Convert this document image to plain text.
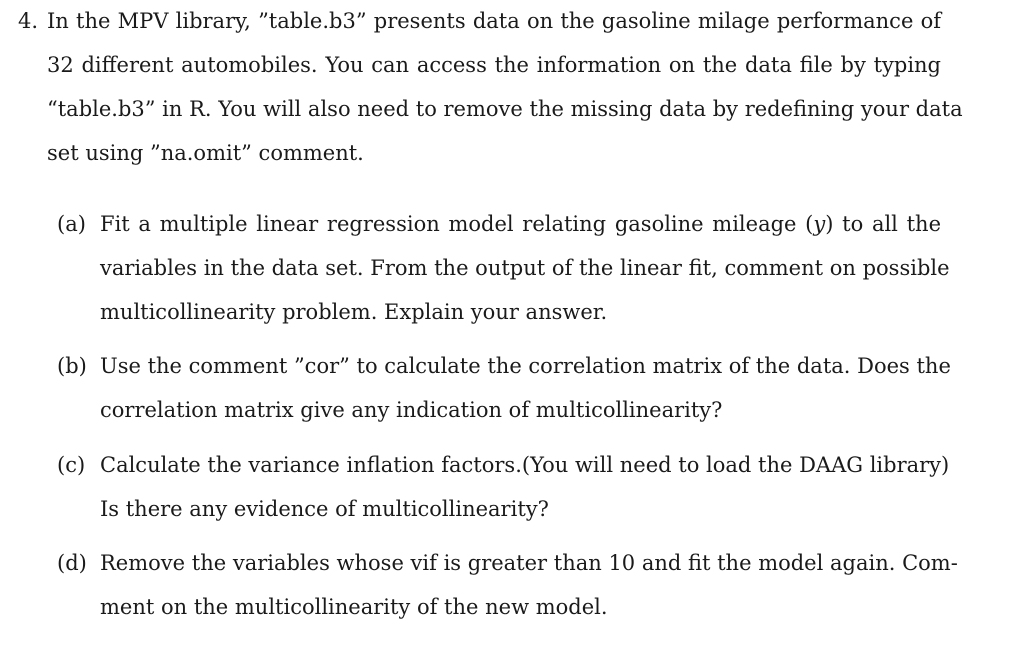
4. In the MPV library, ”table.b3” presents data on the gasoline milage performance of
32 different automobiles. You can access the information on the data file by typing
“table.b3” in R. You will also need to remove the missing data by redefining your data
set using ”na.omit” comment.
(a) Fit a multiple linear regression model relating gasoline mileage (y) to all the
variables in the data set. From the output of the linear fit, comment on possible
multicollinearity problem. Explain your answer.
(b) Use the comment ”cor” to calculate the correlation matrix of the data. Does the
correlation matrix give any indication of multicollinearity?
(c) Calculate the variance inflation factors.(You will need to load the DAAG library)
Is there any evidence of multicollinearity?
(d) Remove the variables whose vif is greater than 10 and fit the model again. Com-
ment on the multicollinearity of the new model.
